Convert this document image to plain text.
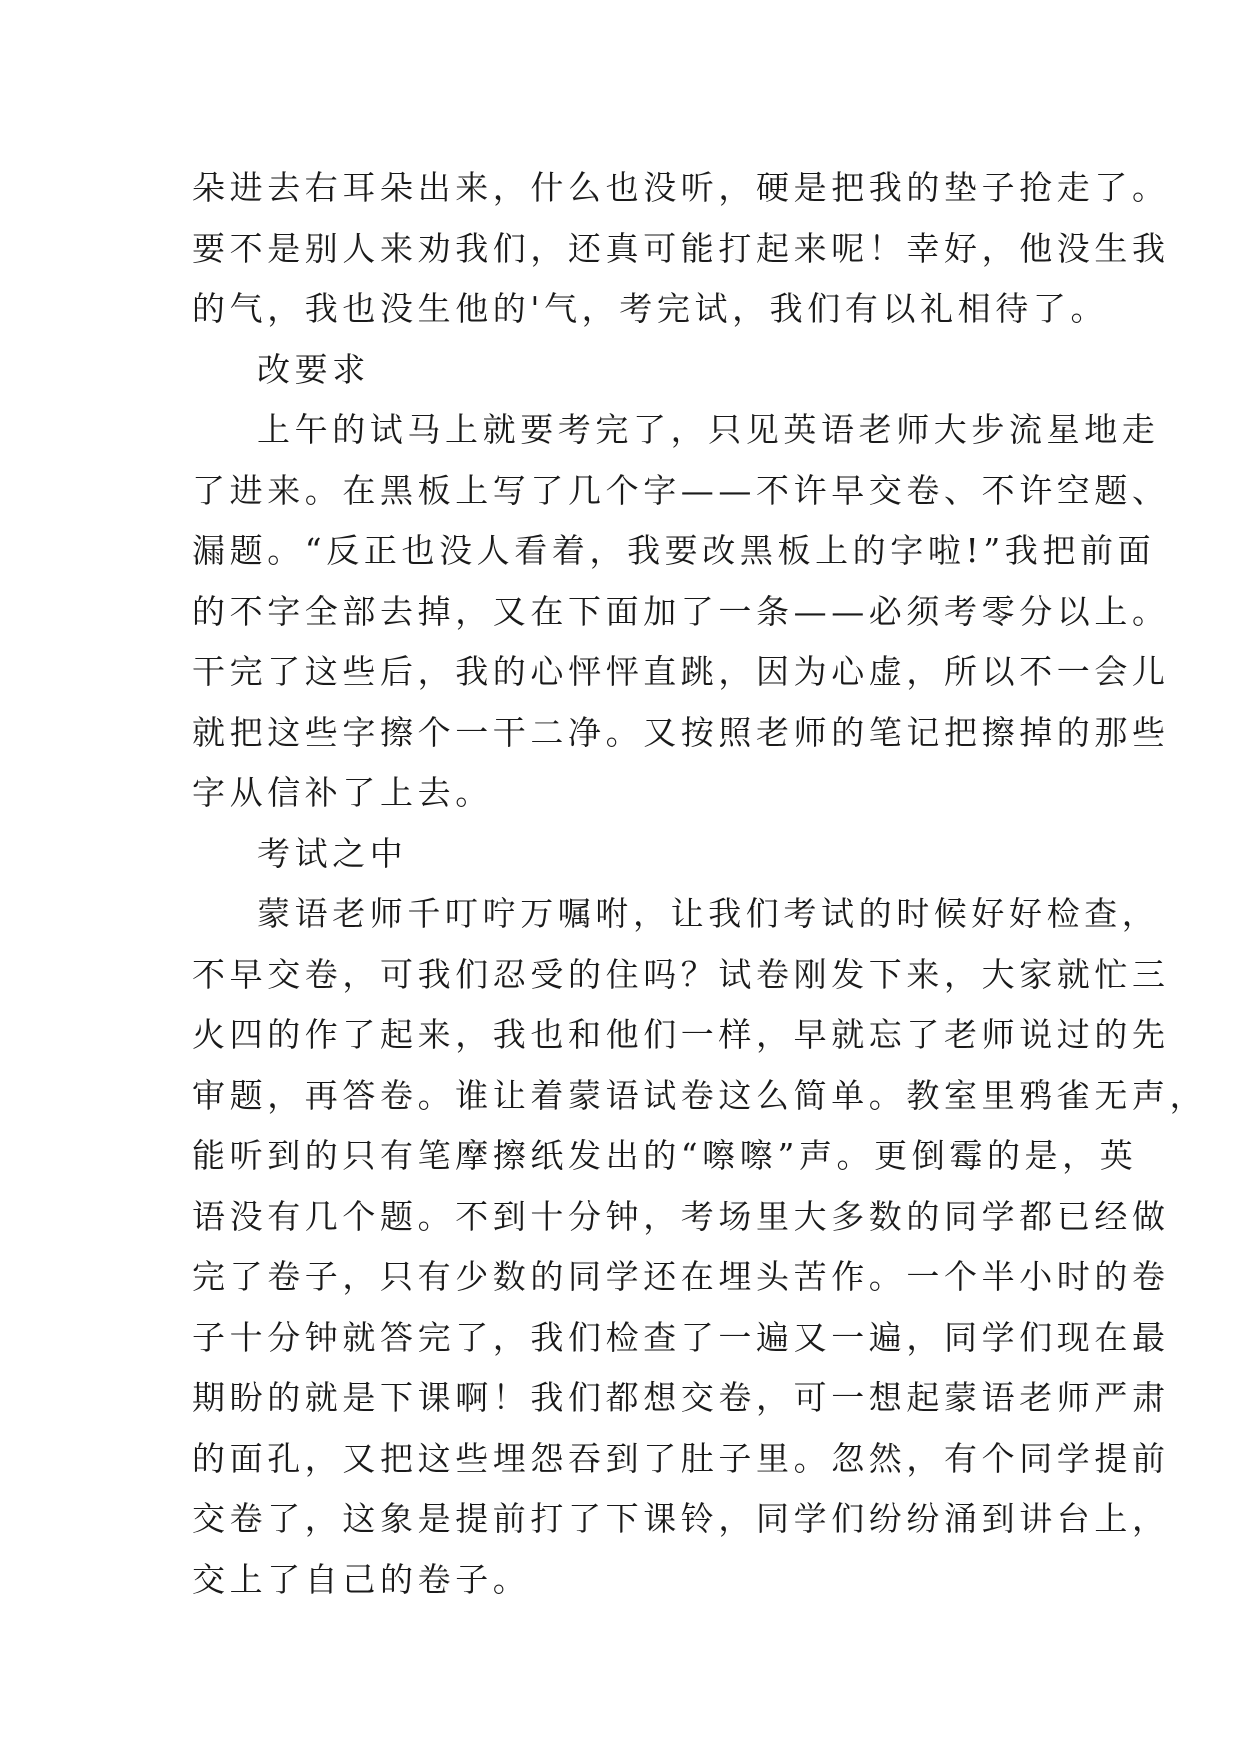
朵进去右耳朵出来，什么也没听，硬是把我的垫子抢走了。
要不是别人来劝我们，还真可能打起来呢！幸好，他没生我
的气，我也没生他的'气，考完试，我们有以礼相待了。
改要求
上午的试马上就要考完了，只见英语老师大步流星地走
了进来。在黑板上写了几个字——不许早交卷、不许空题、
漏题。“反正也没人看着，我要改黑板上的字啦!”我把前面
的不字全部去掉，又在下面加了一条——必须考零分以上。
干完了这些后，我的心怦怦直跳，因为心虚，所以不一会儿
就把这些字擦个一干二净。又按照老师的笔记把擦掉的那些
字从信补了上去。
考试之中
蒙语老师千叮咛万嘱咐，让我们考试的时候好好检查，
不早交卷，可我们忍受的住吗？试卷刚发下来，大家就忙三
火四的作了起来，我也和他们一样，早就忘了老师说过的先
审题，再答卷。谁让着蒙语试卷这么简单。教室里鸦雀无声，
能听到的只有笔摩擦纸发出的“嚓嚓”声。更倒霉的是，英
语没有几个题。不到十分钟，考场里大多数的同学都已经做
完了卷子，只有少数的同学还在埋头苦作。一个半小时的卷
子十分钟就答完了，我们检查了一遍又一遍，同学们现在最
期盼的就是下课啊！我们都想交卷，可一想起蒙语老师严肃
的面孔，又把这些埋怨吞到了肚子里。忽然，有个同学提前
交卷了，这象是提前打了下课铃，同学们纷纷涌到讲台上，
交上了自己的卷子。
